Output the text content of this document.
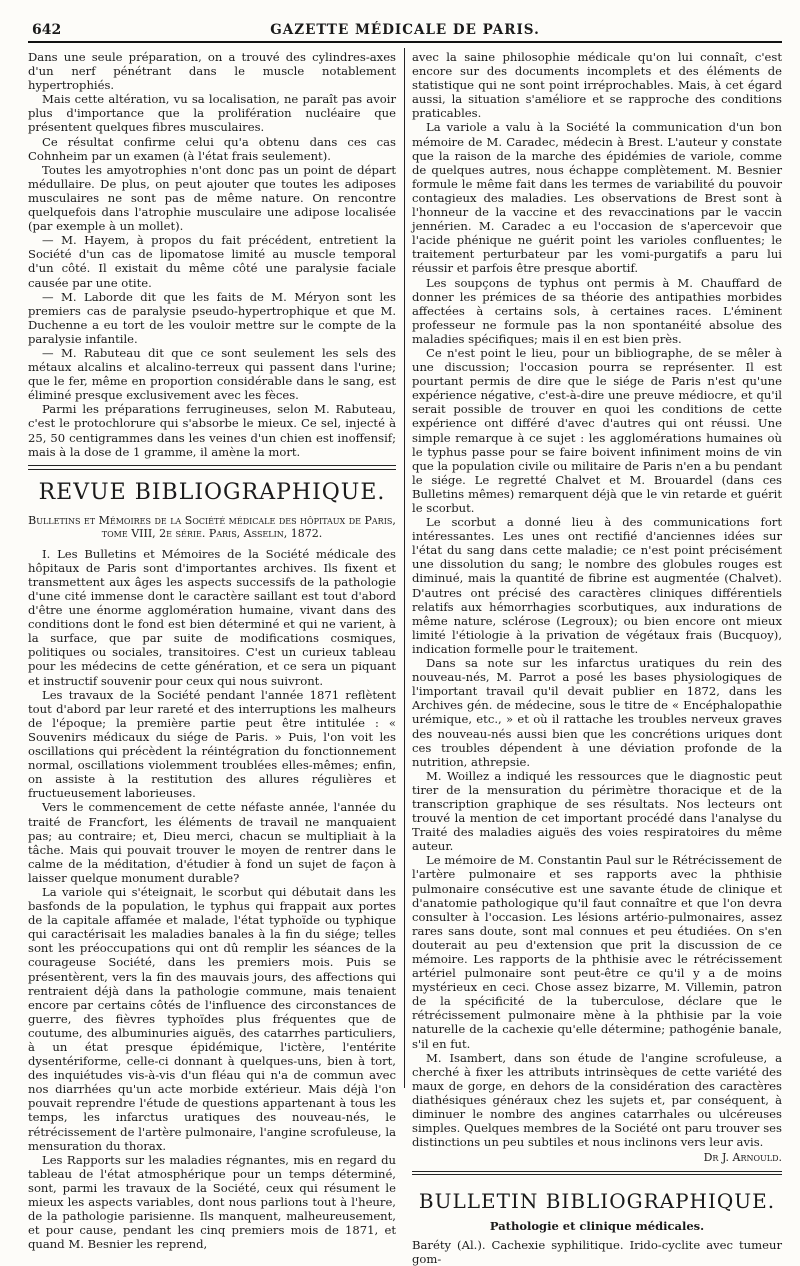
642	GAZETTE MÉDICALE DE PARIS.

Dans une seule préparation, on a trouvé des cylindres-axes d'un nerf pénétrant dans le muscle notablement hypertrophiés.

Mais cette altération, vu sa localisation, ne paraît pas avoir plus d'importance que la prolifération nucléaire que présentent quelques fibres musculaires.

Ce résultat confirme celui qu'a obtenu dans ces cas Cohnheim par un examen (à l'état frais seulement).

Toutes les amyotrophies n'ont donc pas un point de départ médullaire. De plus, on peut ajouter que toutes les adiposes musculaires ne sont pas de même nature. On rencontre quelquefois dans l'atrophie musculaire une adipose localisée (par exemple à un mollet).

— M. Hayem, à propos du fait précédent, entretient la Société d'un cas de lipomatose limité au muscle temporal d'un côté. Il existait du même côté une paralysie faciale causée par une otite.

— M. Laborde dit que les faits de M. Méryon sont les premiers cas de paralysie pseudo-hypertrophique et que M. Duchenne a eu tort de les vouloir mettre sur le compte de la paralysie infantile.

— M. Rabuteau dit que ce sont seulement les sels des métaux alcalins et alcalino-terreux qui passent dans l'urine; que le fer, même en proportion considérable dans le sang, est éliminé presque exclusivement avec les fèces.

Parmi les préparations ferrugineuses, selon M. Rabuteau, c'est le protochlorure qui s'absorbe le mieux. Ce sel, injecté à 25, 50 centigrammes dans les veines d'un chien est inoffensif; mais à la dose de 1 gramme, il amène la mort.

REVUE BIBLIOGRAPHIQUE.
Bulletins et Mémoires de la Société médicale des hôpitaux de Paris, tome VIII, 2e série. Paris, Asselin, 1872.

I. Les Bulletins et Mémoires de la Société médicale des hôpitaux de Paris sont d'importantes archives. Ils fixent et transmettent aux âges les aspects successifs de la pathologie d'une cité immense dont le caractère saillant est tout d'abord d'être une énorme agglomération humaine, vivant dans des conditions dont le fond est bien déterminé et qui ne varient, à la surface, que par suite de modifications cosmiques, politiques ou sociales, transitoires. C'est un curieux tableau pour les médecins de cette génération, et ce sera un piquant et instructif souvenir pour ceux qui nous suivront.

Les travaux de la Société pendant l'année 1871 reflètent tout d'abord par leur rareté et des interruptions les malheurs de l'époque; la première partie peut être intitulée : « Souvenirs médicaux du siége de Paris. » Puis, l'on voit les oscillations qui précèdent la réintégration du fonctionnement normal, oscillations violemment troublées elles-mêmes; enfin, on assiste à la restitution des allures régulières et fructueusement laborieuses.

Vers le commencement de cette néfaste année, l'année du traité de Francfort, les éléments de travail ne manquaient pas; au contraire; et, Dieu merci, chacun se multipliait à la tâche. Mais qui pouvait trouver le moyen de rentrer dans le calme de la méditation, d'étudier à fond un sujet de façon à laisser quelque monument durable?

La variole qui s'éteignait, le scorbut qui débutait dans les basfonds de la population, le typhus qui frappait aux portes de la capitale affamée et malade, l'état typhoïde ou typhique qui caractérisait les maladies banales à la fin du siége; telles sont les préoccupations qui ont dû remplir les séances de la courageuse Société, dans les premiers mois. Puis se présentèrent, vers la fin des mauvais jours, des affections qui rentraient déjà dans la pathologie commune, mais tenaient encore par certains côtés de l'influence des circonstances de guerre, des fièvres typhoïdes plus fréquentes que de coutume, des albuminuries aiguës, des catarrhes particuliers, à un état presque épidémique, l'ictère, l'entérite dysentériforme, celle-ci donnant à quelques-uns, bien à tort, des inquiétudes vis-à-vis d'un fléau qui n'a de commun avec nos diarrhées qu'un acte morbide extérieur. Mais déjà l'on pouvait reprendre l'étude de questions appartenant à tous les temps, les infarctus uratiques des nouveau-nés, le rétrécissement de l'artère pulmonaire, l'angine scrofuleuse, la mensuration du thorax.

Les Rapports sur les maladies régnantes, mis en regard du tableau de l'état atmosphérique pour un temps déterminé, sont, parmi les travaux de la Société, ceux qui résument le mieux les aspects variables, dont nous parlions tout à l'heure, de la pathologie parisienne. Ils manquent, malheureusement, et pour cause, pendant les cinq premiers mois de 1871, et quand M. Besnier les reprend,

avec la saine philosophie médicale qu'on lui connaît, c'est encore sur des documents incomplets et des éléments de statistique qui ne sont point irréprochables. Mais, à cet égard aussi, la situation s'améliore et se rapproche des conditions praticables.

La variole a valu à la Société la communication d'un bon mémoire de M. Caradec, médecin à Brest. L'auteur y constate que la raison de la marche des épidémies de variole, comme de quelques autres, nous échappe complètement. M. Besnier formule le même fait dans les termes de variabilité du pouvoir contagieux des maladies. Les observations de Brest sont à l'honneur de la vaccine et des revaccinations par le vaccin jennérien. M. Caradec a eu l'occasion de s'apercevoir que l'acide phénique ne guérit point les varioles confluentes; le traitement perturbateur par les vomi-purgatifs a paru lui réussir et parfois être presque abortif.

Les soupçons de typhus ont permis à M. Chauffard de donner les prémices de sa théorie des antipathies morbides affectées à certains sols, à certaines races. L'éminent professeur ne formule pas la non spontanéité absolue des maladies spécifiques; mais il en est bien près.

Ce n'est point le lieu, pour un bibliographe, de se mêler à une discussion; l'occasion pourra se représenter. Il est pourtant permis de dire que le siége de Paris n'est qu'une expérience négative, c'est-à-dire une preuve médiocre, et qu'il serait possible de trouver en quoi les conditions de cette expérience ont différé d'avec d'autres qui ont réussi. Une simple remarque à ce sujet : les agglomérations humaines où le typhus passe pour se faire boivent infiniment moins de vin que la population civile ou militaire de Paris n'en a bu pendant le siége. Le regretté Chalvet et M. Brouardel (dans ces Bulletins mêmes) remarquent déjà que le vin retarde et guérit le scorbut.

Le scorbut a donné lieu à des communications fort intéressantes. Les unes ont rectifié d'anciennes idées sur l'état du sang dans cette maladie; ce n'est point précisément une dissolution du sang; le nombre des globules rouges est diminué, mais la quantité de fibrine est augmentée (Chalvet). D'autres ont précisé des caractères cliniques différentiels relatifs aux hémorrhagies scorbutiques, aux indurations de même nature, sclérose (Legroux); ou bien encore ont mieux limité l'étiologie à la privation de végétaux frais (Bucquoy), indication formelle pour le traitement.

Dans sa note sur les infarctus uratiques du rein des nouveau-nés, M. Parrot a posé les bases physiologiques de l'important travail qu'il devait publier en 1872, dans les Archives gén. de médecine, sous le titre de « Encéphalopathie urémique, etc., » et où il rattache les troubles nerveux graves des nouveau-nés aussi bien que les concrétions uriques dont ces troubles dépendent à une déviation profonde de la nutrition, athrepsie.

M. Woillez a indiqué les ressources que le diagnostic peut tirer de la mensuration du périmètre thoracique et de la transcription graphique de ses résultats. Nos lecteurs ont trouvé la mention de cet important procédé dans l'analyse du Traité des maladies aiguës des voies respiratoires du même auteur.

Le mémoire de M. Constantin Paul sur le Rétrécissement de l'artère pulmonaire et ses rapports avec la phthisie pulmonaire consécutive est une savante étude de clinique et d'anatomie pathologique qu'il faut connaître et que l'on devra consulter à l'occasion. Les lésions artério-pulmonaires, assez rares sans doute, sont mal connues et peu étudiées. On s'en douterait au peu d'extension que prit la discussion de ce mémoire. Les rapports de la phthisie avec le rétrécissement artériel pulmonaire sont peut-être ce qu'il y a de moins mystérieux en ceci. Chose assez bizarre, M. Villemin, patron de la spécificité de la tuberculose, déclare que le rétrécissement pulmonaire mène à la phthisie par la voie naturelle de la cachexie qu'elle détermine; pathogénie banale, s'il en fut.

M. Isambert, dans son étude de l'angine scrofuleuse, a cherché à fixer les attributs intrinsèques de cette variété des maux de gorge, en dehors de la considération des caractères diathésiques généraux chez les sujets et, par conséquent, à diminuer le nombre des angines catarrhales ou ulcéreuses simples. Quelques membres de la Société ont paru trouver ses distinctions un peu subtiles et nous inclinons vers leur avis.

Dr J. Arnould.
BULLETIN BIBLIOGRAPHIQUE.
Pathologie et clinique médicales.

Baréty (Al.). Cachexie syphilitique. Irido-cyclite avec tumeur gom-
